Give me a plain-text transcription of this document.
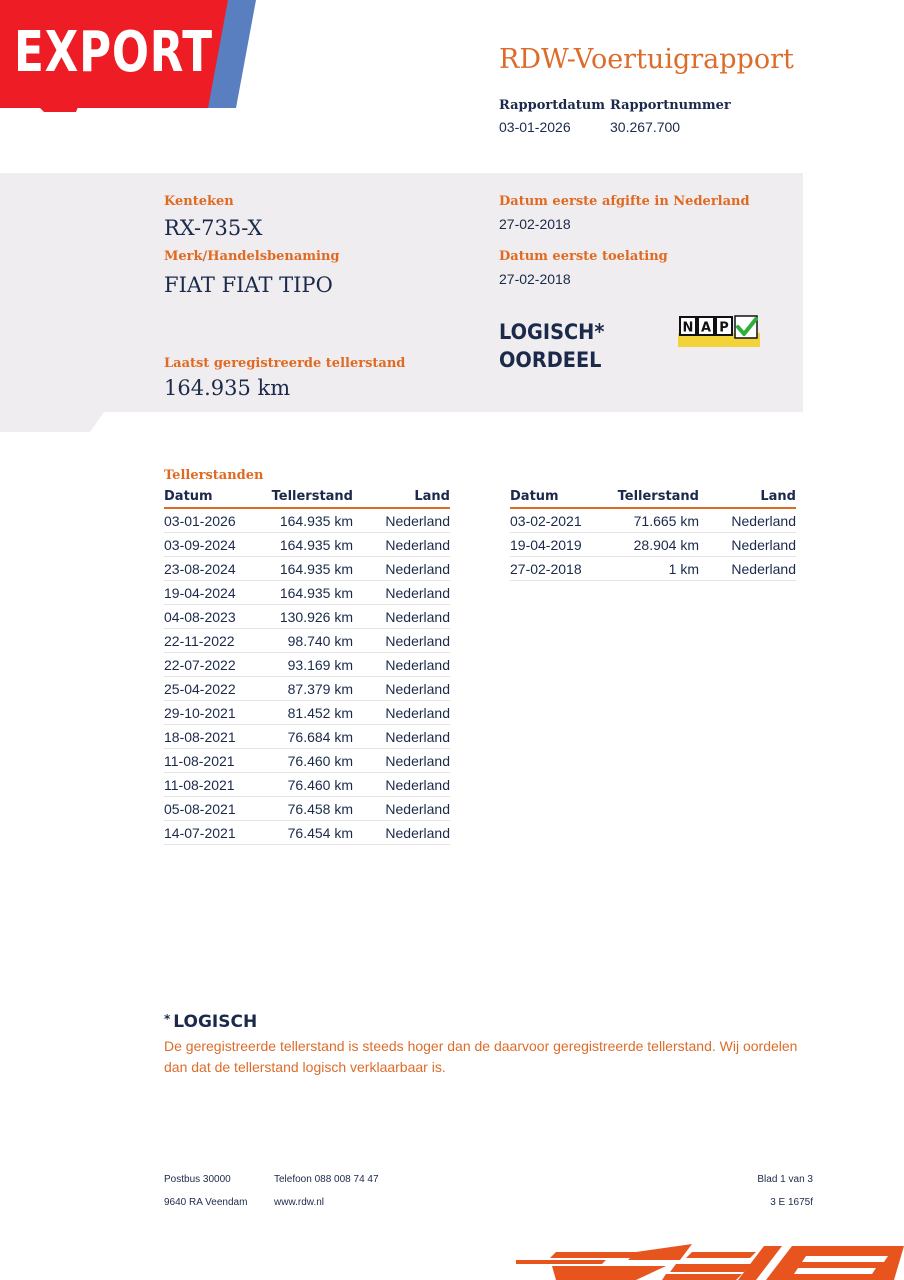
EXPORT	RDW-Voertuigrapport
Rapportdatum
03-01-2026
Rapportnummer
30.267.700
Kenteken
RX-735-X
Merk/Handelsbenaming
FIAT FIAT TIPO
Laatst geregistreerde tellerstand
164.935 km
Datum eerste afgifte in Nederland
27-02-2018
Datum eerste toelating
27-02-2018
LOGISCH*
OORDEEL
N A P
Tellerstanden
Datum	Tellerstand	Land
03-01-2026	164.935 km	Nederland
03-09-2024	164.935 km	Nederland
23-08-2024	164.935 km	Nederland
19-04-2024	164.935 km	Nederland
04-08-2023	130.926 km	Nederland
22-11-2022	98.740 km	Nederland
22-07-2022	93.169 km	Nederland
25-04-2022	87.379 km	Nederland
29-10-2021	81.452 km	Nederland
18-08-2021	76.684 km	Nederland
11-08-2021	76.460 km	Nederland
11-08-2021	76.460 km	Nederland
05-08-2021	76.458 km	Nederland
14-07-2021	76.454 km	Nederland
Datum	Tellerstand	Land
03-02-2021	71.665 km	Nederland
19-04-2019	28.904 km	Nederland
27-02-2018	1 km	Nederland
* LOGISCH
De geregistreerde tellerstand is steeds hoger dan de daarvoor geregistreerde tellerstand. Wij oordelen dan dat de tellerstand logisch verklaarbaar is.
Postbus 30000
9640 RA Veendam
Telefoon 088 008 74 47
www.rdw.nl
Blad 1 van 3
3 E 1675f
